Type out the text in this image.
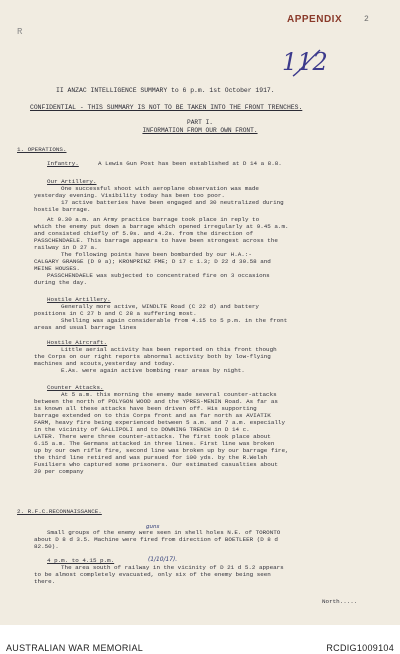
R
APPENDIX	2
112
II ANZAC INTELLIGENCE SUMMARY to 6 p.m. 1st October 1917.
CONFIDENTIAL - THIS SUMMARY IS NOT TO BE TAKEN INTO THE FRONT TRENCHES.
PART I.
INFORMATION FROM OUR OWN FRONT.
1. OPERATIONS.
Infantry.	A Lewis Gun Post has been established at D 14 a 8.8.
Our Artillery.
One successful shoot with aeroplane observation was made
yesterday evening. Visibility today has been too poor.
17 active batteries have been engaged and 30 neutralized during
hostile barrage.
At 9.30 a.m. an Army practice barrage took place in reply to
which the enemy put down a barrage which opened irregularly at 9.45 a.m.
and consisted chiefly of 5.9s. and 4.2s. from the direction of
PASSCHENDAELE. This barrage appears to have been strongest across the
railway in D 27 a.
The following points have been bombarded by our H.A.:-
CALGARY GRANGE (D 9 a); KRONPRINZ FME; D 17 c 1.3; D 22 d 30.58 and
MEINE HOUSES.
PASSCHENDAELE was subjected to concentrated fire on 3 occasions
during the day.
Hostile Artillery.
Generally more active, WINDLTE Road (C 22 d) and battery
positions in C 27 b and C 28 a suffering most.
Shelling was again considerable from 4.15 to 5 p.m. in the front
areas and usual barrage lines
Hostile Aircraft.
Little aerial activity has been reported on this front though
the Corps on our right reports abnormal activity both by low-flying
machines and scouts,yesterday and today.
E.As. were again active bombing rear areas by night.
Counter Attacks.
At 5 a.m. this morning the enemy made several counter-attacks
between the north of POLYGON WOOD and the YPRES-MENIN Road. As far as
is known all these attacks have been driven off. His supporting
barrage extended on to this Corps front and as far north as AVIATIK
FARM, heavy fire being experienced between 5 a.m. and 7 a.m. especially
in the vicinity of GALLIPOLI and to DOWNING TRENCH in D 14 c.
LATER. There were three counter-attacks. The first took place about
6.15 a.m. The Germans attacked in three lines. First line was broken
up by our own rifle fire, second line was broken up by our barrage fire,
the third line retired and was pursued for 100 yds. by the R.Welsh
Fusiliers who captured some prisoners. Our estimated casualties about
20 per company
2. R.F.C.RECONNAISSANCE.
guns
Small groups of the enemy were seen in shell holes N.E. of TORONTO
about D 8 d 3.5. Machine were fired from direction of BOETLEER (D 8 d
82.50).
4 p.m. to 4.15 p.m.	(1/10/17).
The area south of railway in the vicinity of D 21 d 5.2 appears
to be almost completely evacuated, only six of the enemy being seen
there.
North.....
AUSTRALIAN WAR MEMORIAL	RCDIG1009104
